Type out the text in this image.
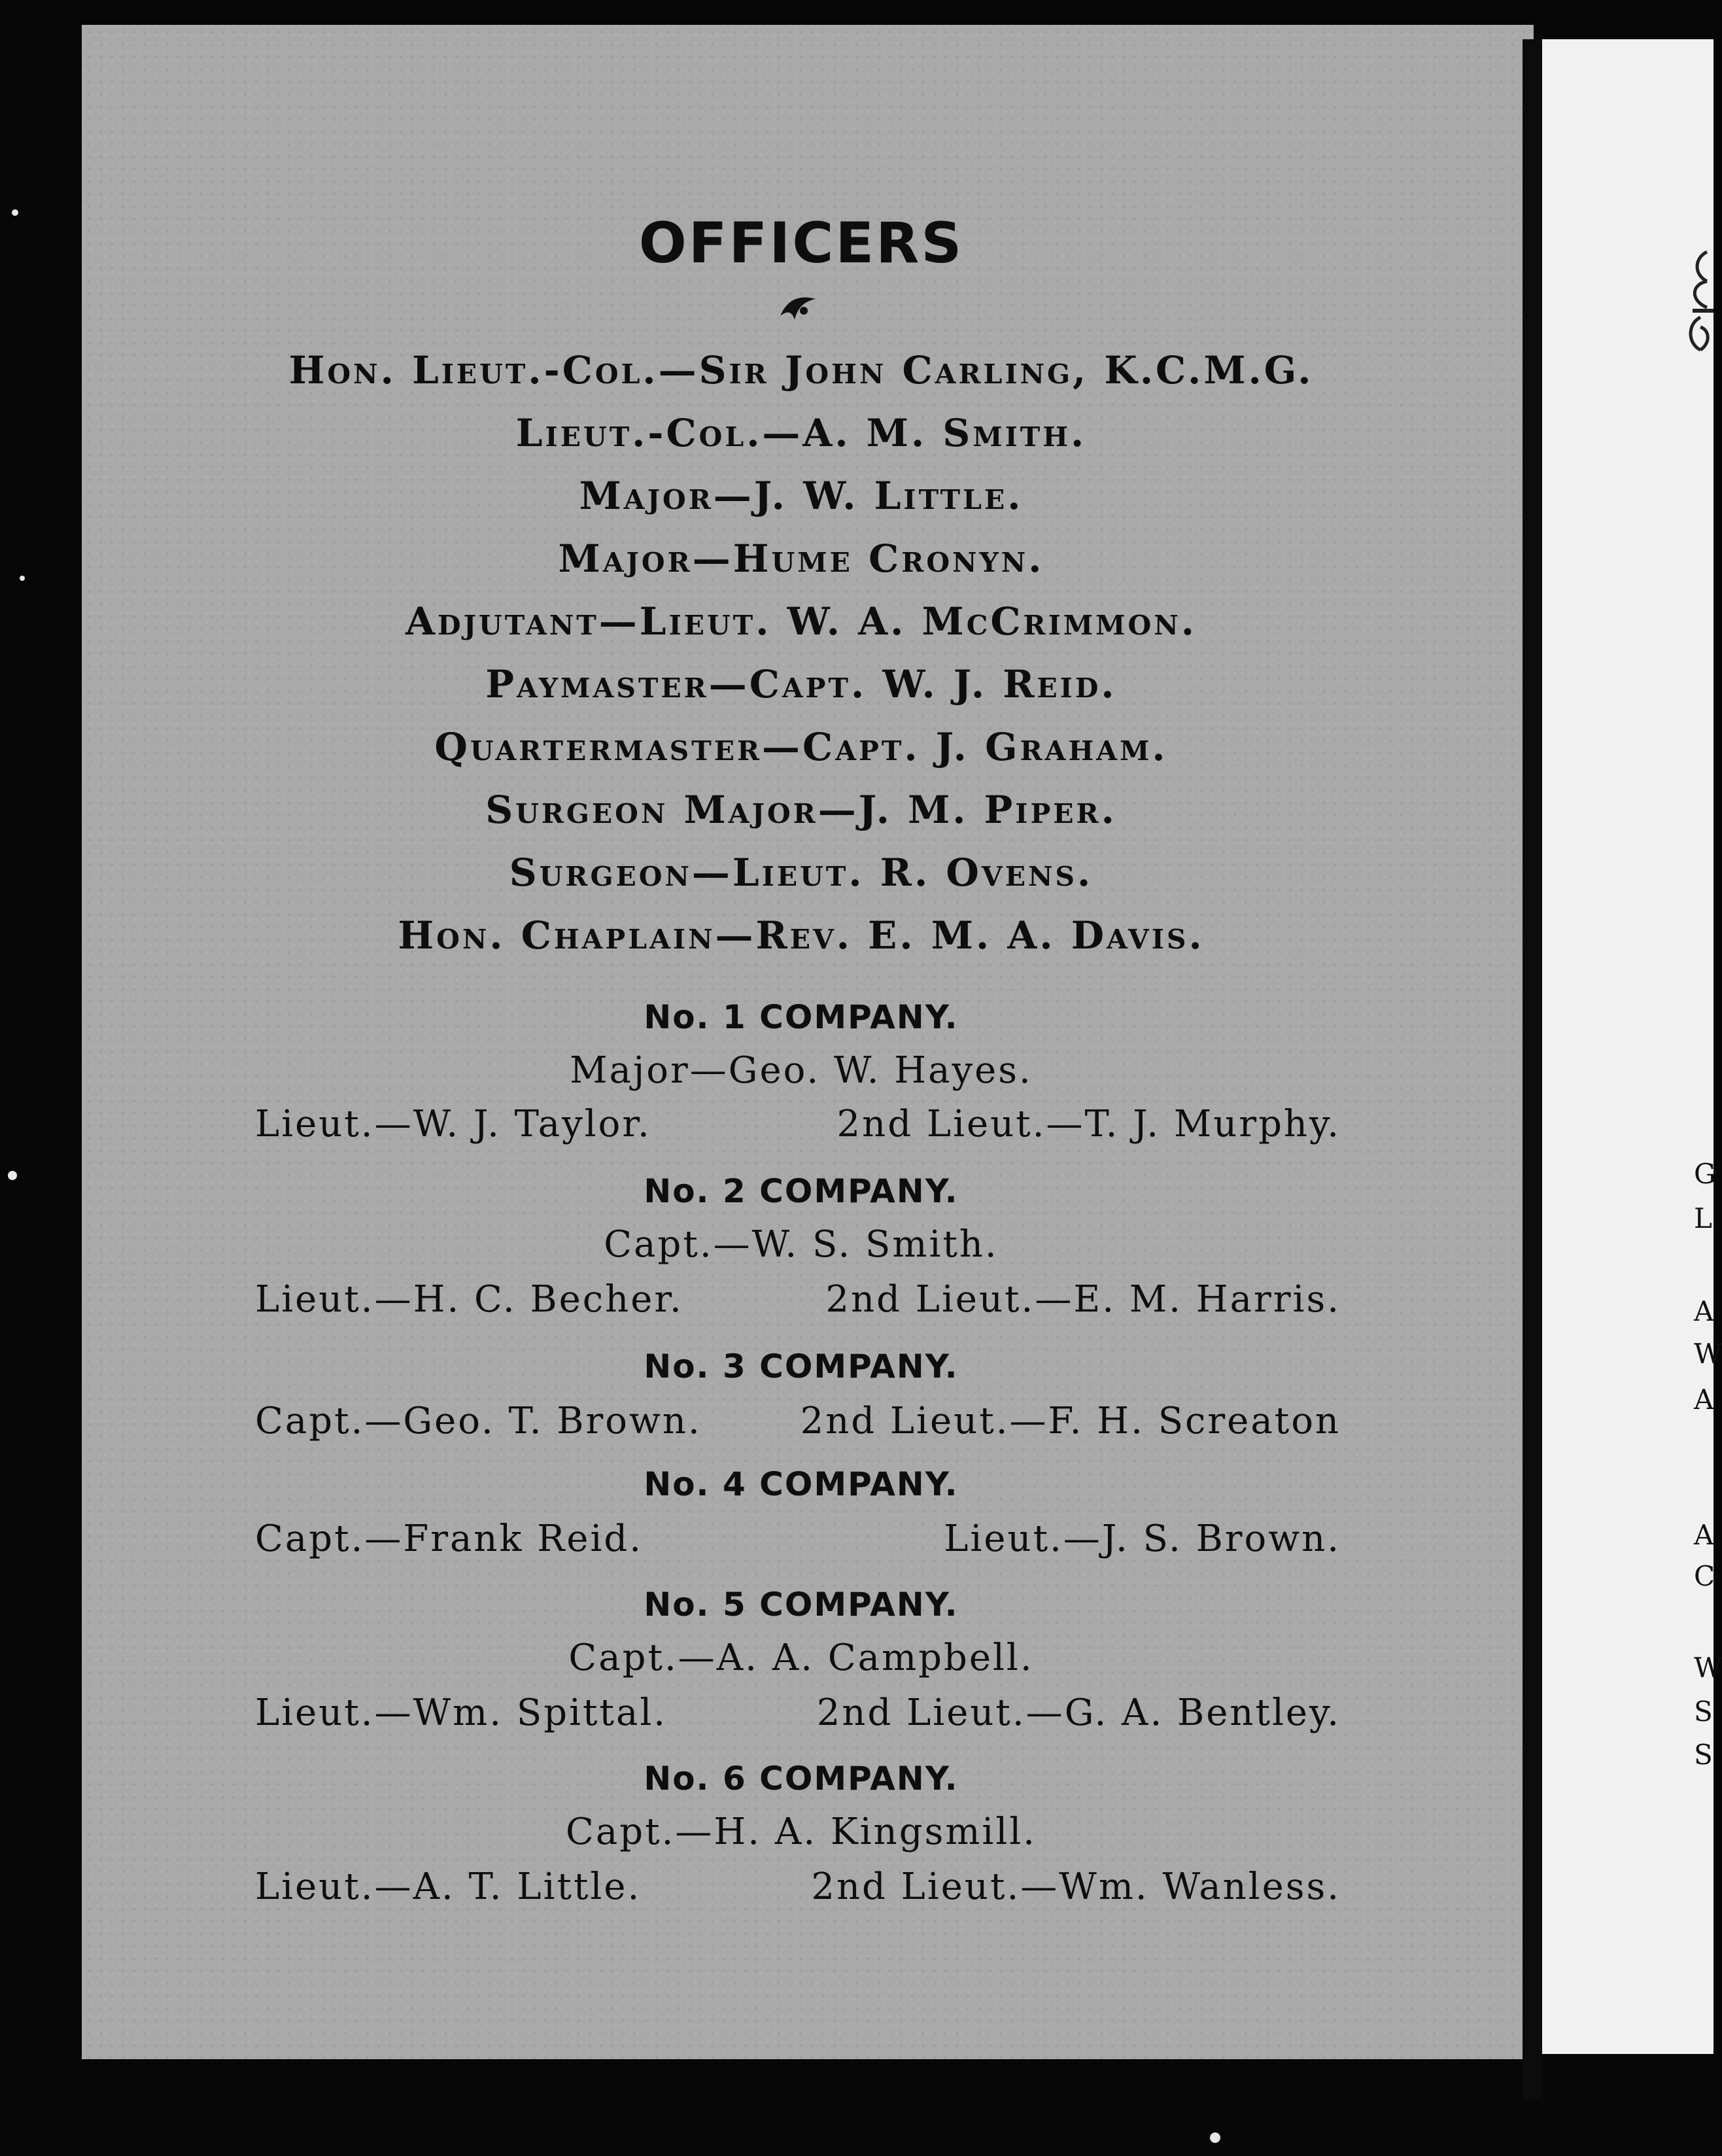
G
L
A
W
A
A
C
W
S
S
OFFICERS
Hon. Lieut.-Col.—Sir John Carling, K.C.M.G.
Lieut.-Col.—A. M. Smith.
Major—J. W. Little.
Major—Hume Cronyn.
Adjutant—Lieut. W. A. McCrimmon.
Paymaster—Capt. W. J. Reid.
Quartermaster—Capt. J. Graham.
Surgeon Major—J. M. Piper.
Surgeon—Lieut. R. Ovens.
Hon. Chaplain—Rev. E. M. A. Davis.
No. 1 COMPANY.
Major—Geo. W. Hayes.
Lieut.—W. J. Taylor.	2nd Lieut.—T. J. Murphy.
No. 2 COMPANY.
Capt.—W. S. Smith.
Lieut.—H. C. Becher.	2nd Lieut.—E. M. Harris.
No. 3 COMPANY.
Capt.—Geo. T. Brown.	2nd Lieut.—F. H. Screaton
No. 4 COMPANY.
Capt.—Frank Reid.	Lieut.—J. S. Brown.
No. 5 COMPANY.
Capt.—A. A. Campbell.
Lieut.—Wm. Spittal.	2nd Lieut.—G. A. Bentley.
No. 6 COMPANY.
Capt.—H. A. Kingsmill.
Lieut.—A. T. Little.	2nd Lieut.—Wm. Wanless.
